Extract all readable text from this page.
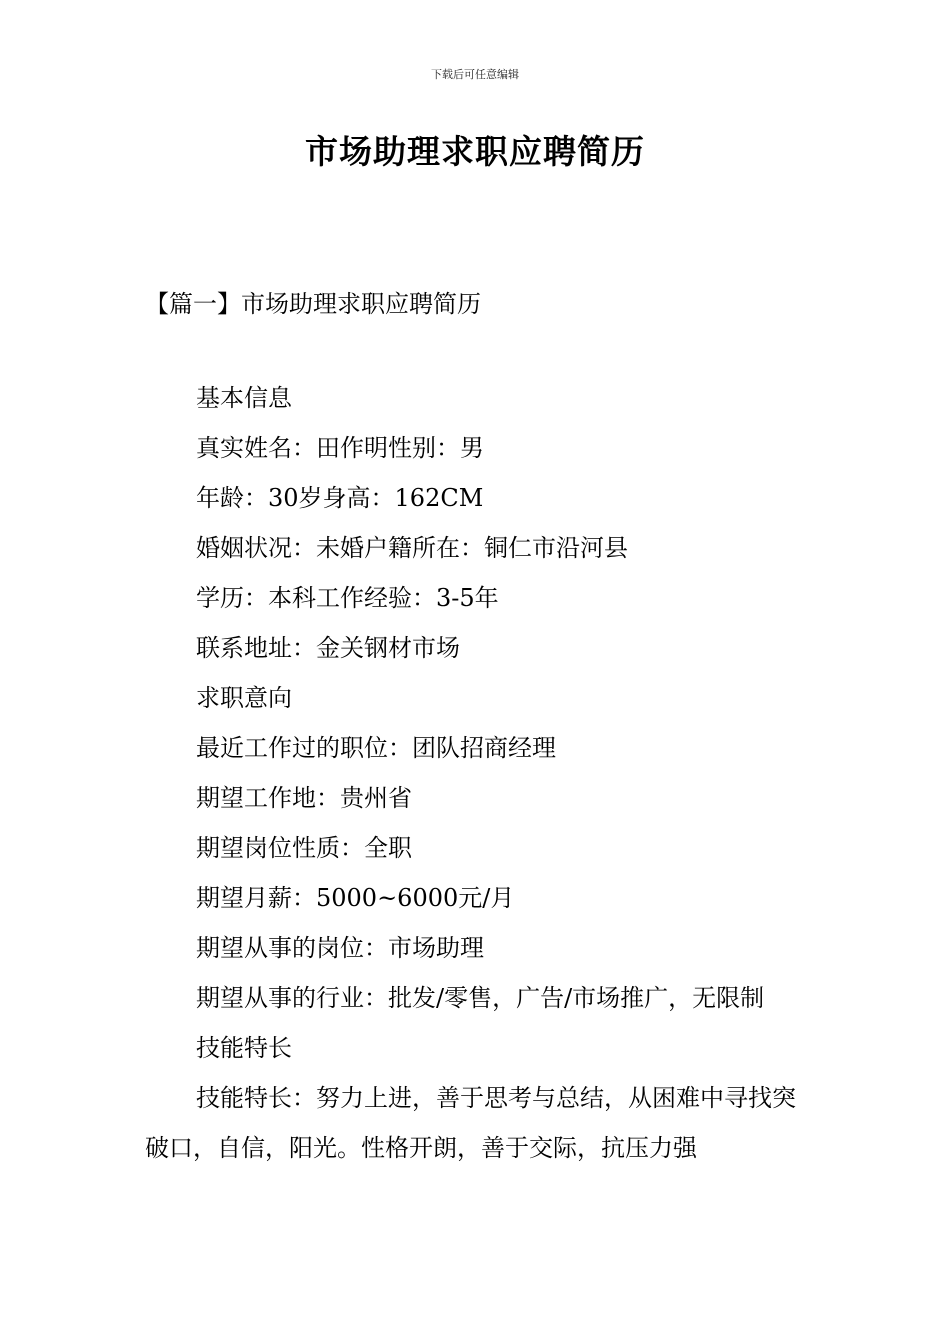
下载后可任意编辑
市场助理求职应聘简历
【篇一】市场助理求职应聘简历

基本信息

真实姓名：田作明性别：男

年龄：30岁身高：162CM

婚姻状况：未婚户籍所在：铜仁市沿河县

学历：本科工作经验：3-5年

联系地址：金关钢材市场

求职意向

最近工作过的职位：团队招商经理

期望工作地：贵州省

期望岗位性质：全职

期望月薪：5000~6000元/月

期望从事的岗位：市场助理

期望从事的行业：批发/零售，广告/市场推广，无限制

技能特长

技能特长：努力上进，善于思考与总结，从困难中寻找突破口，自信，阳光。性格开朗，善于交际，抗压力强
